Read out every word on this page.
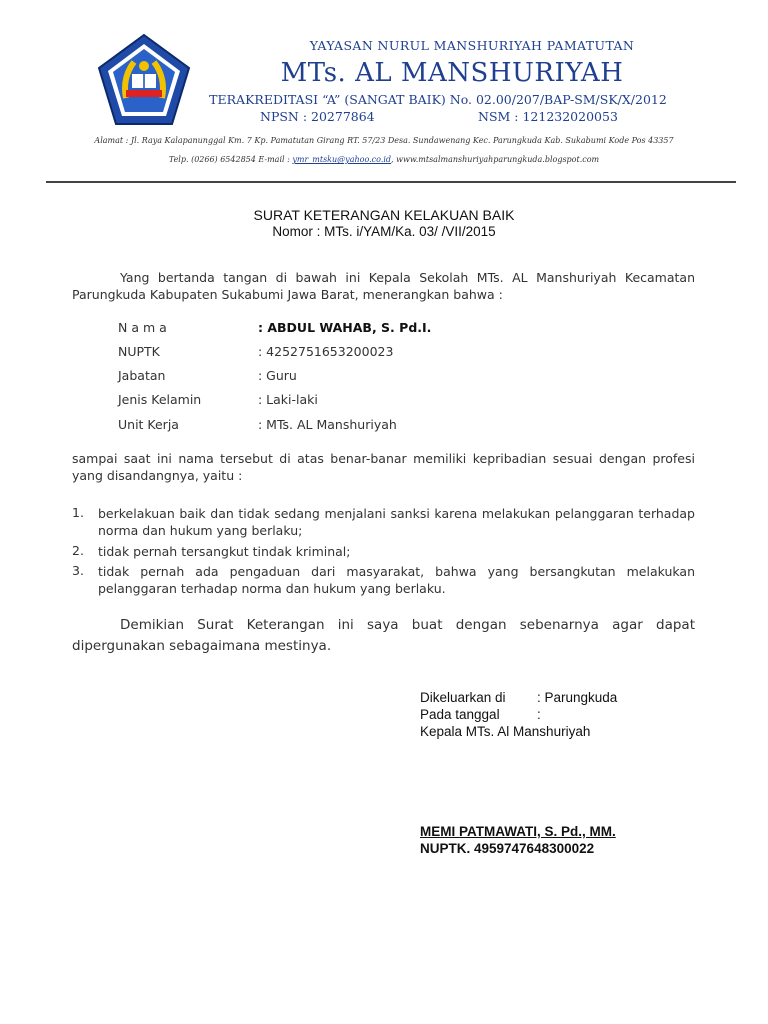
YAYASAN NURUL MANSHURIYAH PAMATUTAN
MTs. AL MANSHURIYAH
TERAKREDITASI “A” (SANGAT BAIK) No. 02.00/207/BAP-SM/SK/X/2012
NPSN : 20277864	NSM : 121232020053
Alamat : Jl. Raya Kalapanunggal Km. 7 Kp. Pamatutan Girang RT. 57/23 Desa. Sundawenang Kec. Parungkuda Kab. Sukabumi Kode Pos 43357
Telp. (0266) 6542854 E-mail : ymr_mtsku@yahoo.co.id, www.mtsalmanshuriyahparungkuda.blogspot.com
SURAT KETERANGAN KELAKUAN BAIK
Nomor : MTs. i/YAM/Ka. 03/ /VII/2015
Yang bertanda tangan di bawah ini Kepala Sekolah MTs. AL Manshuriyah Kecamatan Parungkuda Kabupaten Sukabumi Jawa Barat, menerangkan bahwa :
N a m a	: ABDUL WAHAB, S. Pd.I.
NUPTK	: 4252751653200023
Jabatan	: Guru
Jenis Kelamin	: Laki-laki
Unit Kerja	: MTs. AL Manshuriyah
sampai saat ini nama tersebut di atas benar-banar memiliki kepribadian sesuai dengan profesi yang disandangnya, yaitu :
1. berkelakuan baik dan tidak sedang menjalani sanksi karena melakukan pelanggaran terhadap norma dan hukum yang berlaku;
2. tidak pernah tersangkut tindak kriminal;
3. tidak pernah ada pengaduan dari masyarakat, bahwa yang bersangkutan melakukan pelanggaran terhadap norma dan hukum yang berlaku.
Demikian Surat Keterangan ini saya buat dengan sebenarnya agar dapat dipergunakan sebagaimana mestinya.
Dikeluarkan di : Parungkuda
Pada tanggal	:
Kepala MTs. Al Manshuriyah
MEMI PATMAWATI, S. Pd., MM.
NUPTK. 4959747648300022
